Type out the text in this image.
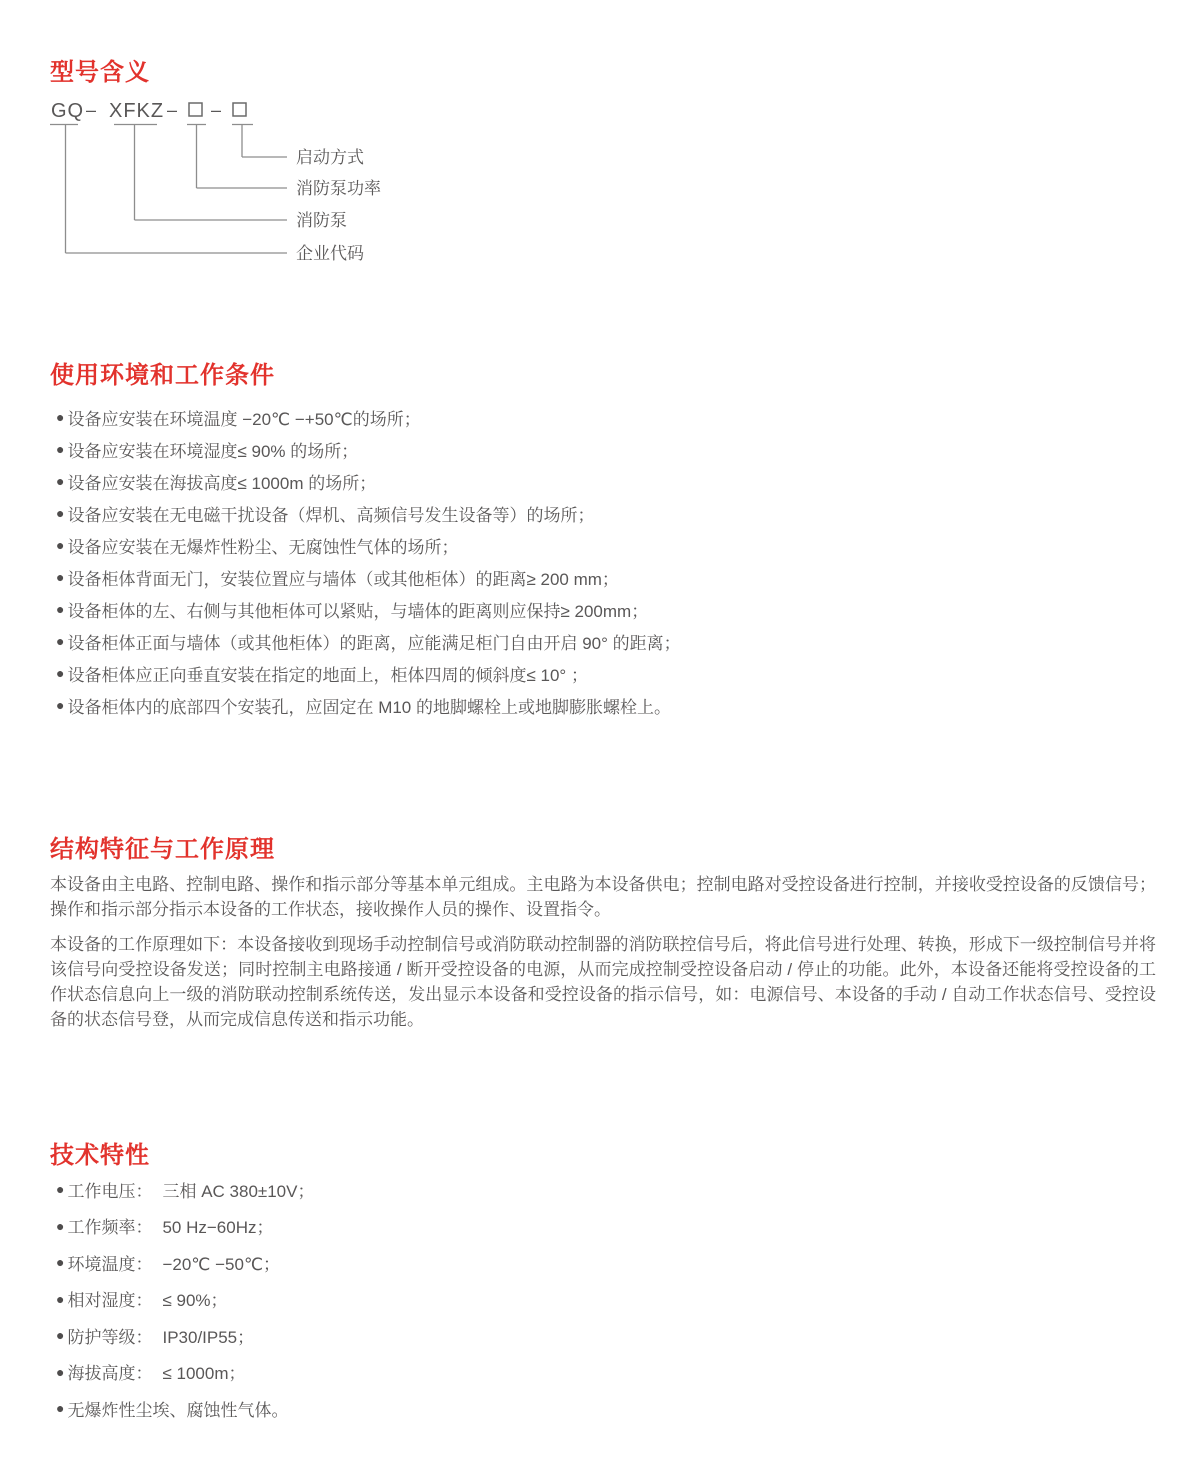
型号含义
GQ – XFKZ – –
启动方式
消防泵功率
消防泵
企业代码
使用环境和工作条件
● 设备应安装在环境温度 −20℃ −+50℃的场所；
● 设备应安装在环境湿度≤ 90% 的场所；
● 设备应安装在海拔高度≤ 1000m 的场所；
● 设备应安装在无电磁干扰设备（焊机、高频信号发生设备等）的场所；
● 设备应安装在无爆炸性粉尘、无腐蚀性气体的场所；
● 设备柜体背面无门，安装位置应与墙体（或其他柜体）的距离≥ 200 mm；
● 设备柜体的左、右侧与其他柜体可以紧贴，与墙体的距离则应保持≥ 200mm；
● 设备柜体正面与墙体（或其他柜体）的距离，应能满足柜门自由开启 90° 的距离；
● 设备柜体应正向垂直安装在指定的地面上，柜体四周的倾斜度≤ 10° ；
● 设备柜体内的底部四个安装孔，应固定在 M10 的地脚螺栓上或地脚膨胀螺栓上。
结构特征与工作原理

本设备由主电路、控制电路、操作和指示部分等基本单元组成。主电路为本设备供电；控制电路对受控设备进行控制，并接收受控设备的反馈信号；操作和指示部分指示本设备的工作状态，接收操作人员的操作、设置指令。

本设备的工作原理如下：本设备接收到现场手动控制信号或消防联动控制器的消防联控信号后，将此信号进行处理、转换，形成下一级控制信号并将该信号向受控设备发送；同时控制主电路接通 / 断开受控设备的电源，从而完成控制受控设备启动 / 停止的功能。此外，本设备还能将受控设备的工作状态信息向上一级的消防联动控制系统传送，发出显示本设备和受控设备的指示信号，如：电源信号、本设备的手动 / 自动工作状态信号、受控设备的状态信号登，从而完成信息传送和指示功能。

技术特性
● 工作电压： 三相 AC 380±10V；
● 工作频率： 50 Hz−60Hz；
● 环境温度： −20℃ −50℃；
● 相对湿度： ≤ 90%；
● 防护等级： IP30/IP55；
● 海拔高度： ≤ 1000m；
● 无爆炸性尘埃、腐蚀性气体。
